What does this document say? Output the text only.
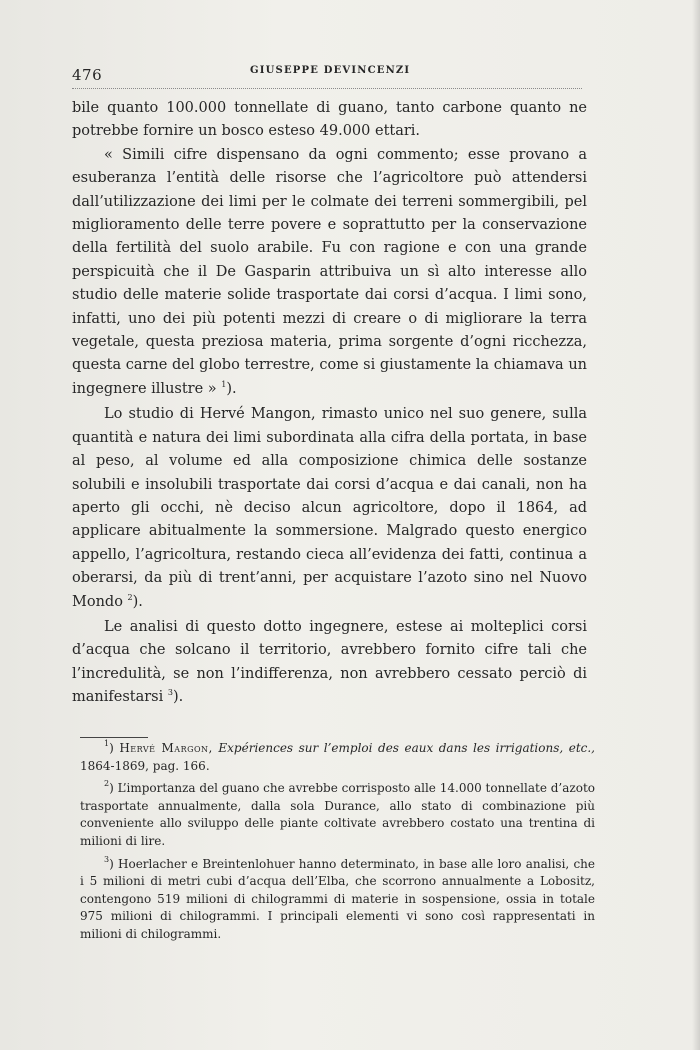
476	GIUSEPPE DEVINCENZI

bile quanto 100.000 tonnellate di guano, tanto carbone quanto ne potrebbe fornire un bosco esteso 49.000 ettari.

« Simili cifre dispensano da ogni commento; esse provano a esuberanza l’entità delle risorse che l’agricoltore può attendersi dall’utilizzazione dei limi per le colmate dei terreni sommergibili, pel miglioramento delle terre povere e soprattutto per la conservazione della fertilità del suolo arabile. Fu con ragione e con una grande perspicuità che il De Gasparin attribuiva un sì alto interesse allo studio delle materie solide trasportate dai corsi d’acqua. I limi sono, infatti, uno dei più potenti mezzi di creare o di migliorare la terra vegetale, questa preziosa materia, prima sorgente d’ogni ricchezza, questa carne del globo terrestre, come si giustamente la chiamava un ingegnere illustre » $^1$).

Lo studio di Hervé Mangon, rimasto unico nel suo genere, sulla quantità e natura dei limi subordinata alla cifra della portata, in base al peso, al volume ed alla composizione chimica delle sostanze solubili e insolubili trasportate dai corsi d’acqua e dai canali, non ha aperto gli occhi, nè deciso alcun agricoltore, dopo il 1864, ad applicare abitualmente la sommersione. Malgrado questo energico appello, l’agricoltura, restando cieca all’evidenza dei fatti, continua a oberarsi, da più di trent’anni, per acquistare l’azoto sino nel Nuovo Mondo $^2$).

Le analisi di questo dotto ingegnere, estese ai molteplici corsi d’acqua che solcano il territorio, avrebbero fornito cifre tali che l’incredulità, se non l’indifferenza, non avrebbero cessato perciò di manifestarsi $^3$).

$^1$) Hervé Margon, Expériences sur l’emploi des eaux dans les irrigations, etc., 1864-1869, pag. 166.

$^2$) L’importanza del guano che avrebbe corrisposto alle 14.000 tonnellate d’azoto trasportate annualmente, dalla sola Durance, allo stato di combinazione più conveniente allo sviluppo delle piante coltivate avrebbero costato una trentina di milioni di lire.

$^3$) Hoerlacher e Breintenlohuer hanno determinato, in base alle loro analisi, che i 5 milioni di metri cubi d’acqua dell’Elba, che scorrono annualmente a Lobositz, contengono 519 milioni di chilogrammi di materie in sospensione, ossia in totale 975 milioni di chilogrammi. I principali elementi vi sono così rappresentati in milioni di chilogrammi.
